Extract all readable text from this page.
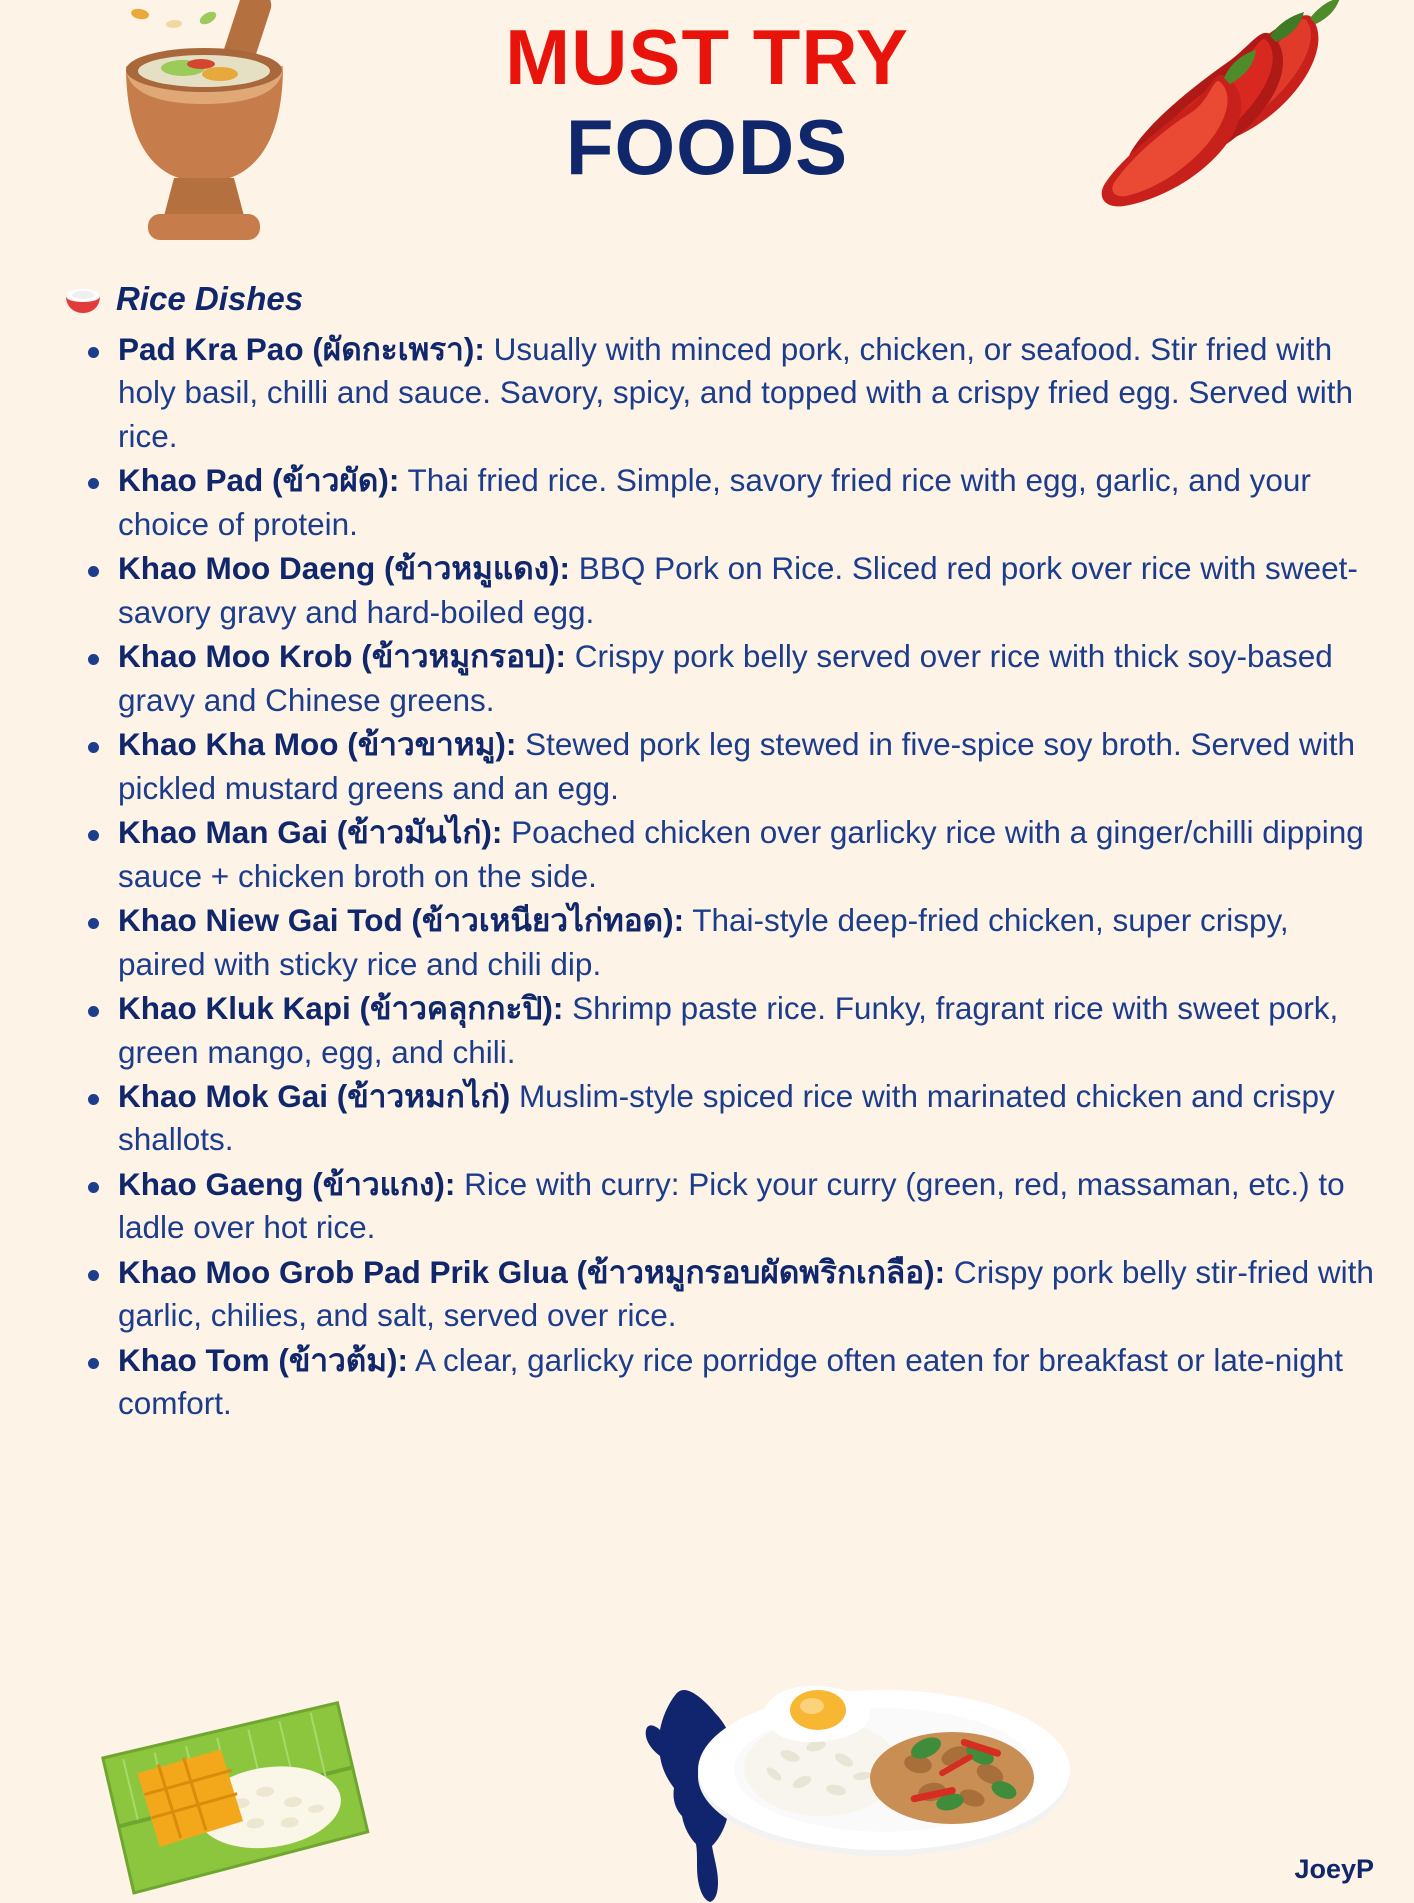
MUST TRY
FOODS
Rice Dishes
Pad Kra Pao (ผัดกะเพรา): Usually with minced pork, chicken, or seafood. Stir fried with holy basil, chilli and sauce. Savory, spicy, and topped with a crispy fried egg. Served with rice.
Khao Pad (ข้าวผัด): Thai fried rice. Simple, savory fried rice with egg, garlic, and your choice of protein.
Khao Moo Daeng (ข้าวหมูแดง): BBQ Pork on Rice. Sliced red pork over rice with sweet-savory gravy and hard-boiled egg.
Khao Moo Krob (ข้าวหมูกรอบ): Crispy pork belly served over rice with thick soy-based gravy and Chinese greens.
Khao Kha Moo (ข้าวขาหมู): Stewed pork leg stewed in five-spice soy broth. Served with pickled mustard greens and an egg.
Khao Man Gai (ข้าวมันไก่): Poached chicken over garlicky rice with a ginger/chilli dipping sauce + chicken broth on the side.
Khao Niew Gai Tod (ข้าวเหนียวไก่ทอด): Thai-style deep-fried chicken, super crispy, paired with sticky rice and chili dip.
Khao Kluk Kapi (ข้าวคลุกกะปิ): Shrimp paste rice. Funky, fragrant rice with sweet pork, green mango, egg, and chili.
Khao Mok Gai (ข้าวหมกไก่) Muslim-style spiced rice with marinated chicken and crispy shallots.
Khao Gaeng (ข้าวแกง): Rice with curry: Pick your curry (green, red, massaman, etc.) to ladle over hot rice.
Khao Moo Grob Pad Prik Glua (ข้าวหมูกรอบผัดพริกเกลือ): Crispy pork belly stir-fried with garlic, chilies, and salt, served over rice.
Khao Tom (ข้าวต้ม): A clear, garlicky rice porridge often eaten for breakfast or late-night comfort.
JoeyP
